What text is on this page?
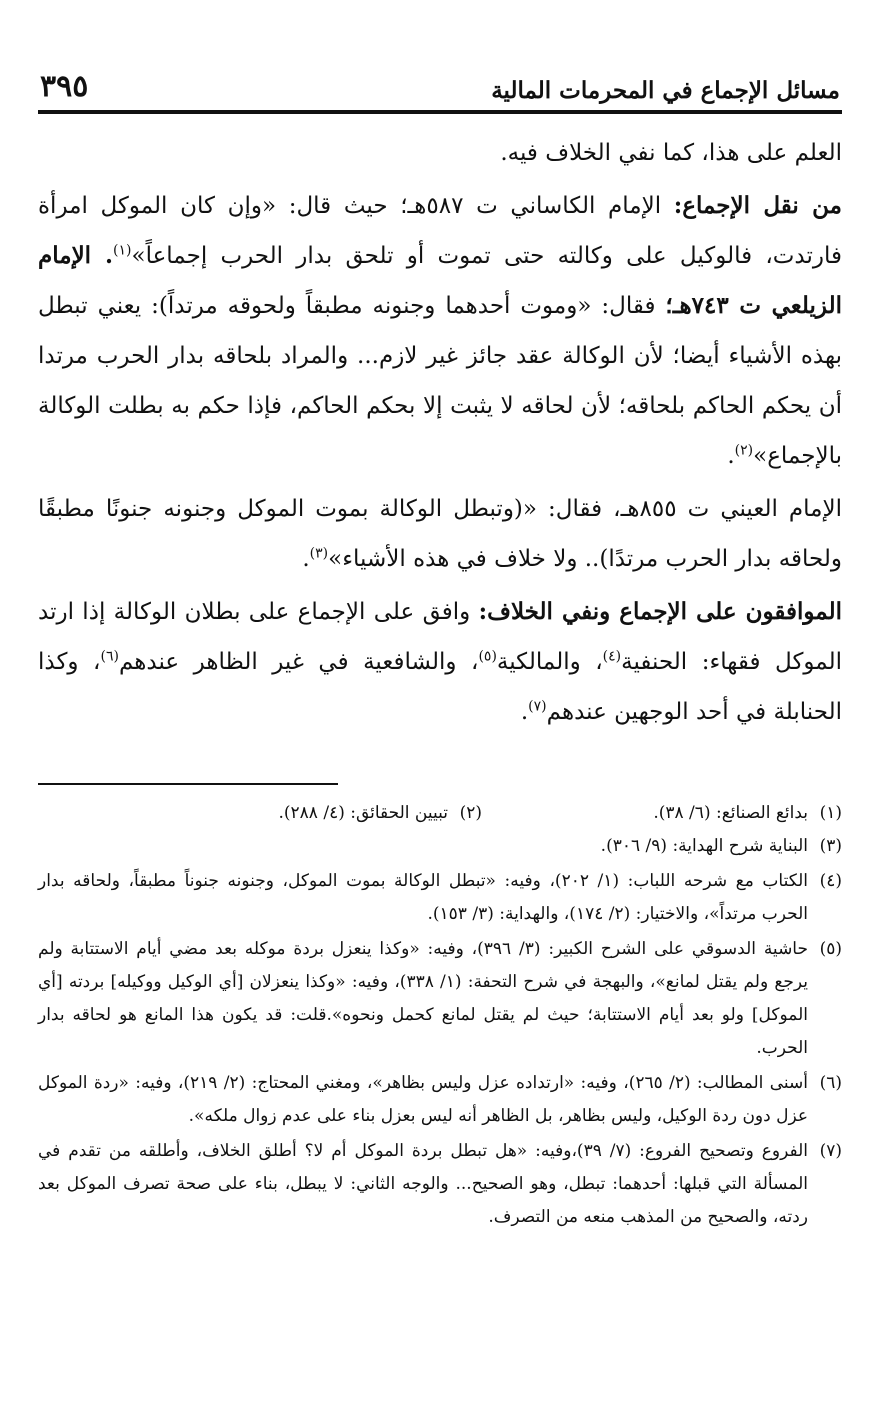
مسائل الإجماع في المحرمات المالية
٣٩٥

العلم على هذا، كما نفي الخلاف فيه.

من نقل الإجماع: الإمام الكاساني ت ٥٨٧هـ؛ حيث قال: «وإن كان الموكل امرأة فارتدت، فالوكيل على وكالته حتى تموت أو تلحق بدار الحرب إجماعاً»$^{(١)}$. الإمام الزيلعي ت ٧٤٣هـ؛ فقال: «وموت أحدهما وجنونه مطبقاً ولحوقه مرتداً): يعني تبطل بهذه الأشياء أيضا؛ لأن الوكالة عقد جائز غير لازم... والمراد بلحاقه بدار الحرب مرتدا أن يحكم الحاكم بلحاقه؛ لأن لحاقه لا يثبت إلا بحكم الحاكم، فإذا حكم به بطلت الوكالة بالإجماع»$^{(٢)}$.

الإمام العيني ت ٨٥٥هـ، فقال: «(وتبطل الوكالة بموت الموكل وجنونه جنونًا مطبقًا ولحاقه بدار الحرب مرتدًا).. ولا خلاف في هذه الأشياء»$^{(٣)}$.

الموافقون على الإجماع ونفي الخلاف: وافق على الإجماع على بطلان الوكالة إذا ارتد الموكل فقهاء: الحنفية$^{(٤)}$، والمالكية$^{(٥)}$، والشافعية في غير الظاهر عندهم$^{(٦)}$، وكذا الحنابلة في أحد الوجهين عندهم$^{(٧)}$.

(١)
بدائع الصنائع: (٦/ ٣٨).
(٢)
تبيين الحقائق: (٤/ ٢٨٨).
(٣)
البناية شرح الهداية: (٩/ ٣٠٦).
(٤)
الكتاب مع شرحه اللباب: (١/ ٢٠٢)، وفيه: «تبطل الوكالة بموت الموكل، وجنونه جنوناً مطبقاً، ولحاقه بدار الحرب مرتداً»، والاختيار: (٢/ ١٧٤)، والهداية: (٣/ ١٥٣).
(٥)
حاشية الدسوقي على الشرح الكبير: (٣/ ٣٩٦)، وفيه: «وكذا ينعزل بردة موكله بعد مضي أيام الاستتابة ولم يرجع ولم يقتل لمانع»، والبهجة في شرح التحفة: (١/ ٣٣٨)، وفيه: «وكذا ينعزلان [أي الوكيل ووكيله] بردته [أي الموكل] ولو بعد أيام الاستتابة؛ حيث لم يقتل لمانع كحمل ونحوه».قلت: قد يكون هذا المانع هو لحاقه بدار الحرب.
(٦)
أسنى المطالب: (٢/ ٢٦٥)، وفيه: «ارتداده عزل وليس بظاهر»، ومغني المحتاج: (٢/ ٢١٩)، وفيه: «ردة الموكل عزل دون ردة الوكيل، وليس بظاهر، بل الظاهر أنه ليس بعزل بناء على عدم زوال ملكه».
(٧)
الفروع وتصحيح الفروع: (٧/ ٣٩)،وفيه: «هل تبطل بردة الموكل أم لا؟ أطلق الخلاف، وأطلقه من تقدم في المسألة التي قبلها: أحدهما: تبطل، وهو الصحيح... والوجه الثاني: لا يبطل، بناء على صحة تصرف الموكل بعد ردته، والصحيح من المذهب منعه من التصرف.
